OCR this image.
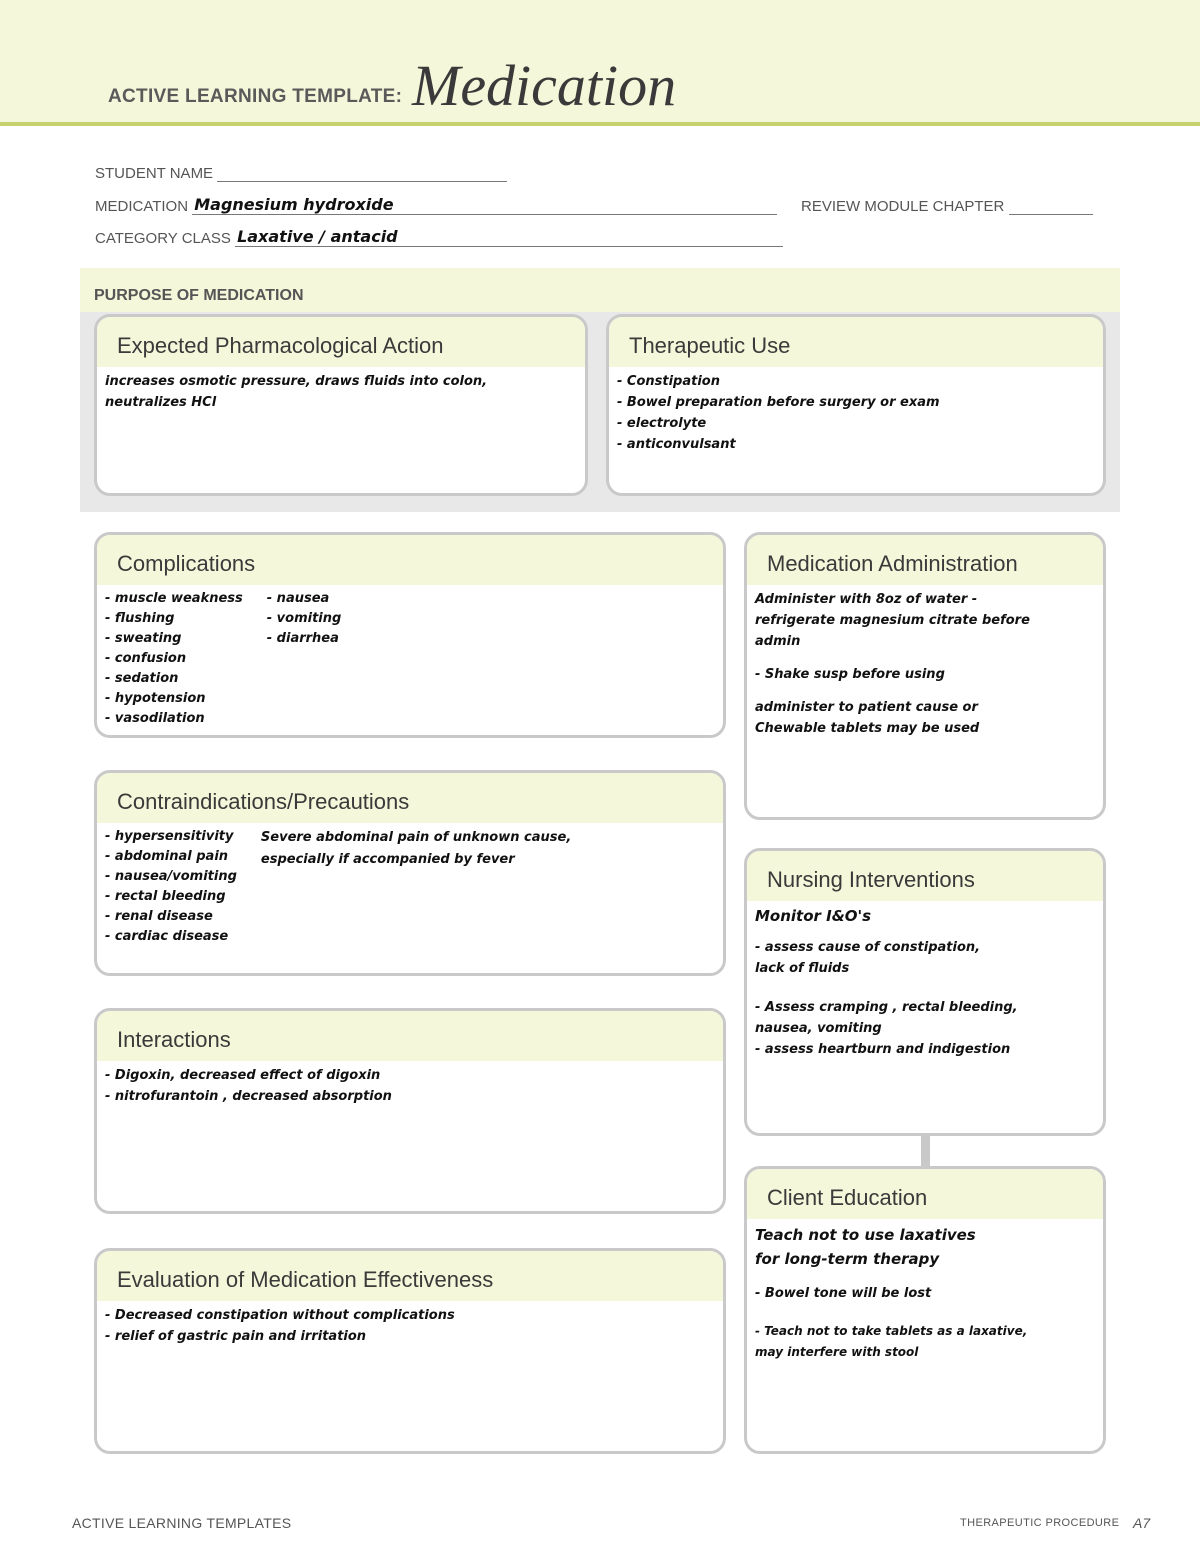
ACTIVE LEARNING TEMPLATE: Medication
STUDENT NAME
MEDICATION Magnesium hydroxide	REVIEW MODULE CHAPTER
CATEGORY CLASS Laxative / antacid
PURPOSE OF MEDICATION
Expected Pharmacological Action
increases osmotic pressure, draws fluids into colon,
neutralizes HCl
Therapeutic Use
- Constipation
- Bowel preparation before surgery or exam
- electrolyte
- anticonvulsant
Complications
- muscle weakness
- flushing
- sweating
- confusion
- sedation
- hypotension
- vasodilation
- nausea
- vomiting
- diarrhea
Contraindications/Precautions
- hypersensitivity
- abdominal pain
- nausea/vomiting
- rectal bleeding
- renal disease
- cardiac disease
Severe abdominal pain of unknown cause,
especially if accompanied by fever
Interactions
- Digoxin, decreased effect of digoxin
- nitrofurantoin , decreased absorption
Evaluation of Medication Effectiveness
- Decreased constipation without complications
- relief of gastric pain and irritation
Medication Administration
Administer with 8oz of water -
refrigerate magnesium citrate before
admin
- Shake susp before using
administer to patient cause or
Chewable tablets may be used
Nursing Interventions
Monitor I&O's
- assess cause of constipation,
lack of fluids
- Assess cramping , rectal bleeding,
nausea, vomiting
- assess heartburn and indigestion
Client Education
Teach not to use laxatives
for long-term therapy
- Bowel tone will be lost
- Teach not to take tablets as a laxative,
may interfere with stool
ACTIVE LEARNING TEMPLATES	THERAPEUTIC PROCEDURE A7
